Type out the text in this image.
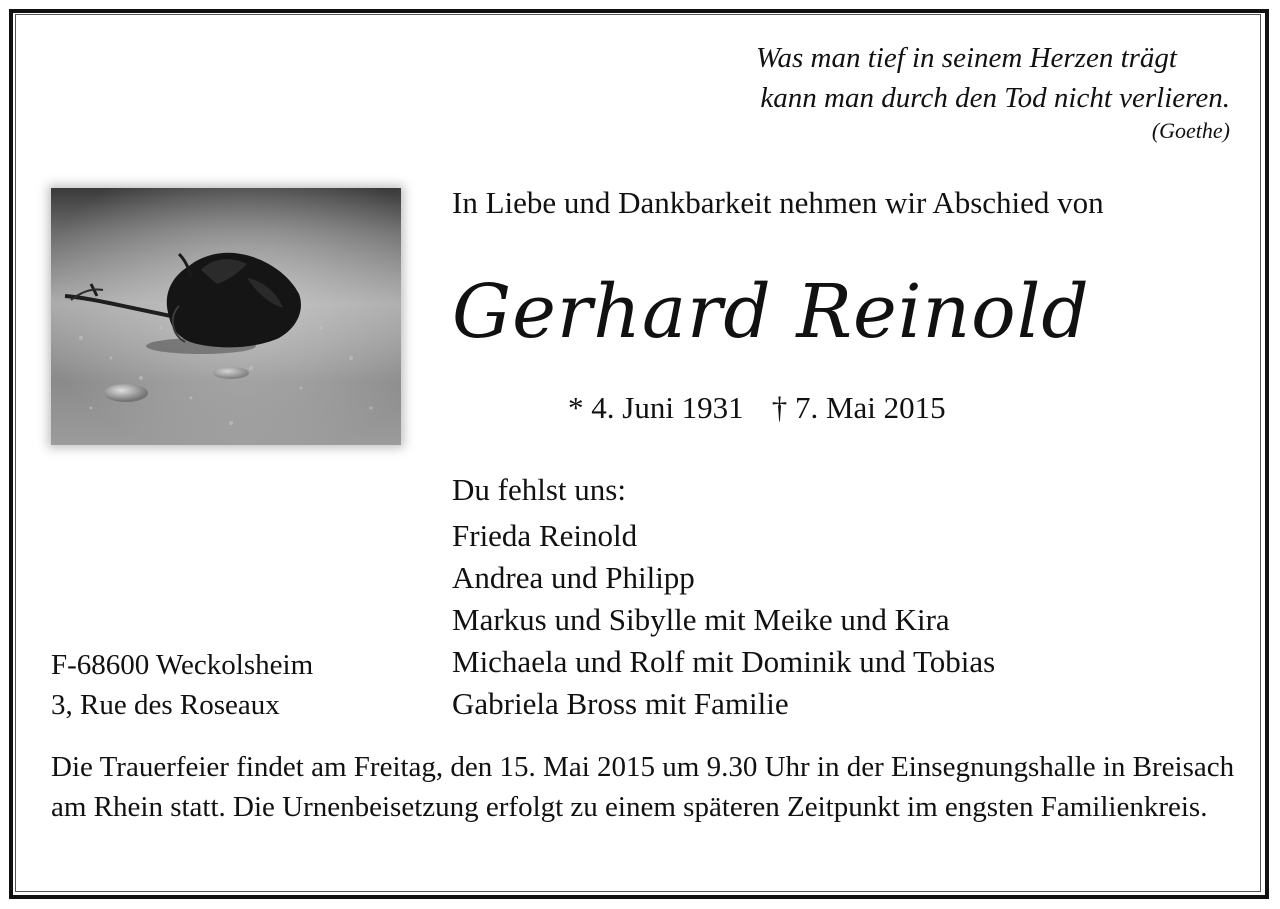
Was man tief in seinem Herzen trägt
kann man durch den Tod nicht verlieren.
(Goethe)
In Liebe und Dankbarkeit nehmen wir Abschied von
Gerhard Reinold
* 4. Juni 1931 † 7. Mai 2015
Du fehlst uns:
Frieda Reinold
Andrea und Philipp
Markus und Sibylle mit Meike und Kira
Michaela und Rolf mit Dominik und Tobias
Gabriela Bross mit Familie
F-68600 Weckolsheim
3, Rue des Roseaux
Die Trauerfeier findet am Freitag, den 15. Mai 2015 um 9.30 Uhr in der Einsegnungshalle in Breisach am Rhein statt. Die Urnenbeisetzung erfolgt zu einem späteren Zeitpunkt im engsten Familienkreis.
